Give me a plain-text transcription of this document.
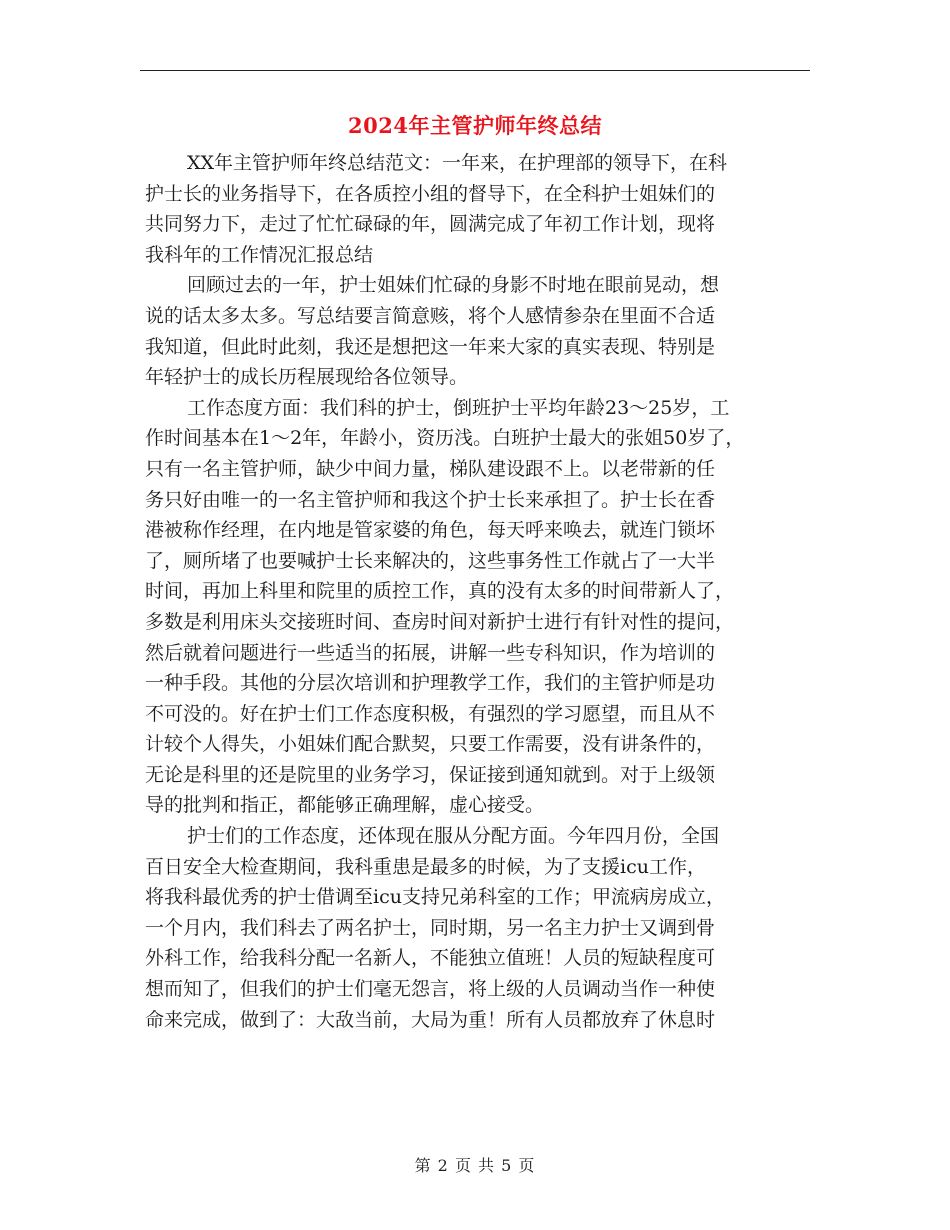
2024年主管护师年终总结
XX年主管护师年终总结范文：一年来，在护理部的领导下，在科
护士长的业务指导下，在各质控小组的督导下，在全科护士姐妹们的
共同努力下，走过了忙忙碌碌的年，圆满完成了年初工作计划，现将
我科年的工作情况汇报总结
回顾过去的一年，护士姐妹们忙碌的身影不时地在眼前晃动，想
说的话太多太多。写总结要言简意赅，将个人感情参杂在里面不合适
我知道，但此时此刻，我还是想把这一年来大家的真实表现、特别是
年轻护士的成长历程展现给各位领导。
工作态度方面：我们科的护士，倒班护士平均年龄23～25岁，工
作时间基本在1～2年，年龄小，资历浅。白班护士最大的张姐50岁了，
只有一名主管护师，缺少中间力量，梯队建设跟不上。以老带新的任
务只好由唯一的一名主管护师和我这个护士长来承担了。护士长在香
港被称作经理，在内地是管家婆的角色，每天呼来唤去，就连门锁坏
了，厕所堵了也要喊护士长来解决的，这些事务性工作就占了一大半
时间，再加上科里和院里的质控工作，真的没有太多的时间带新人了，
多数是利用床头交接班时间、查房时间对新护士进行有针对性的提问，
然后就着问题进行一些适当的拓展，讲解一些专科知识，作为培训的
一种手段。其他的分层次培训和护理教学工作，我们的主管护师是功
不可没的。好在护士们工作态度积极，有强烈的学习愿望，而且从不
计较个人得失，小姐妹们配合默契，只要工作需要，没有讲条件的，
无论是科里的还是院里的业务学习，保证接到通知就到。对于上级领
导的批判和指正，都能够正确理解，虚心接受。
护士们的工作态度，还体现在服从分配方面。今年四月份，全国
百日安全大检查期间，我科重患是最多的时候，为了支援icu工作，
将我科最优秀的护士借调至icu支持兄弟科室的工作；甲流病房成立，
一个月内，我们科去了两名护士，同时期，另一名主力护士又调到骨
外科工作，给我科分配一名新人，不能独立值班！人员的短缺程度可
想而知了，但我们的护士们毫无怨言，将上级的人员调动当作一种使
命来完成，做到了：大敌当前，大局为重！所有人员都放弃了休息时
第 2 页 共 5 页
